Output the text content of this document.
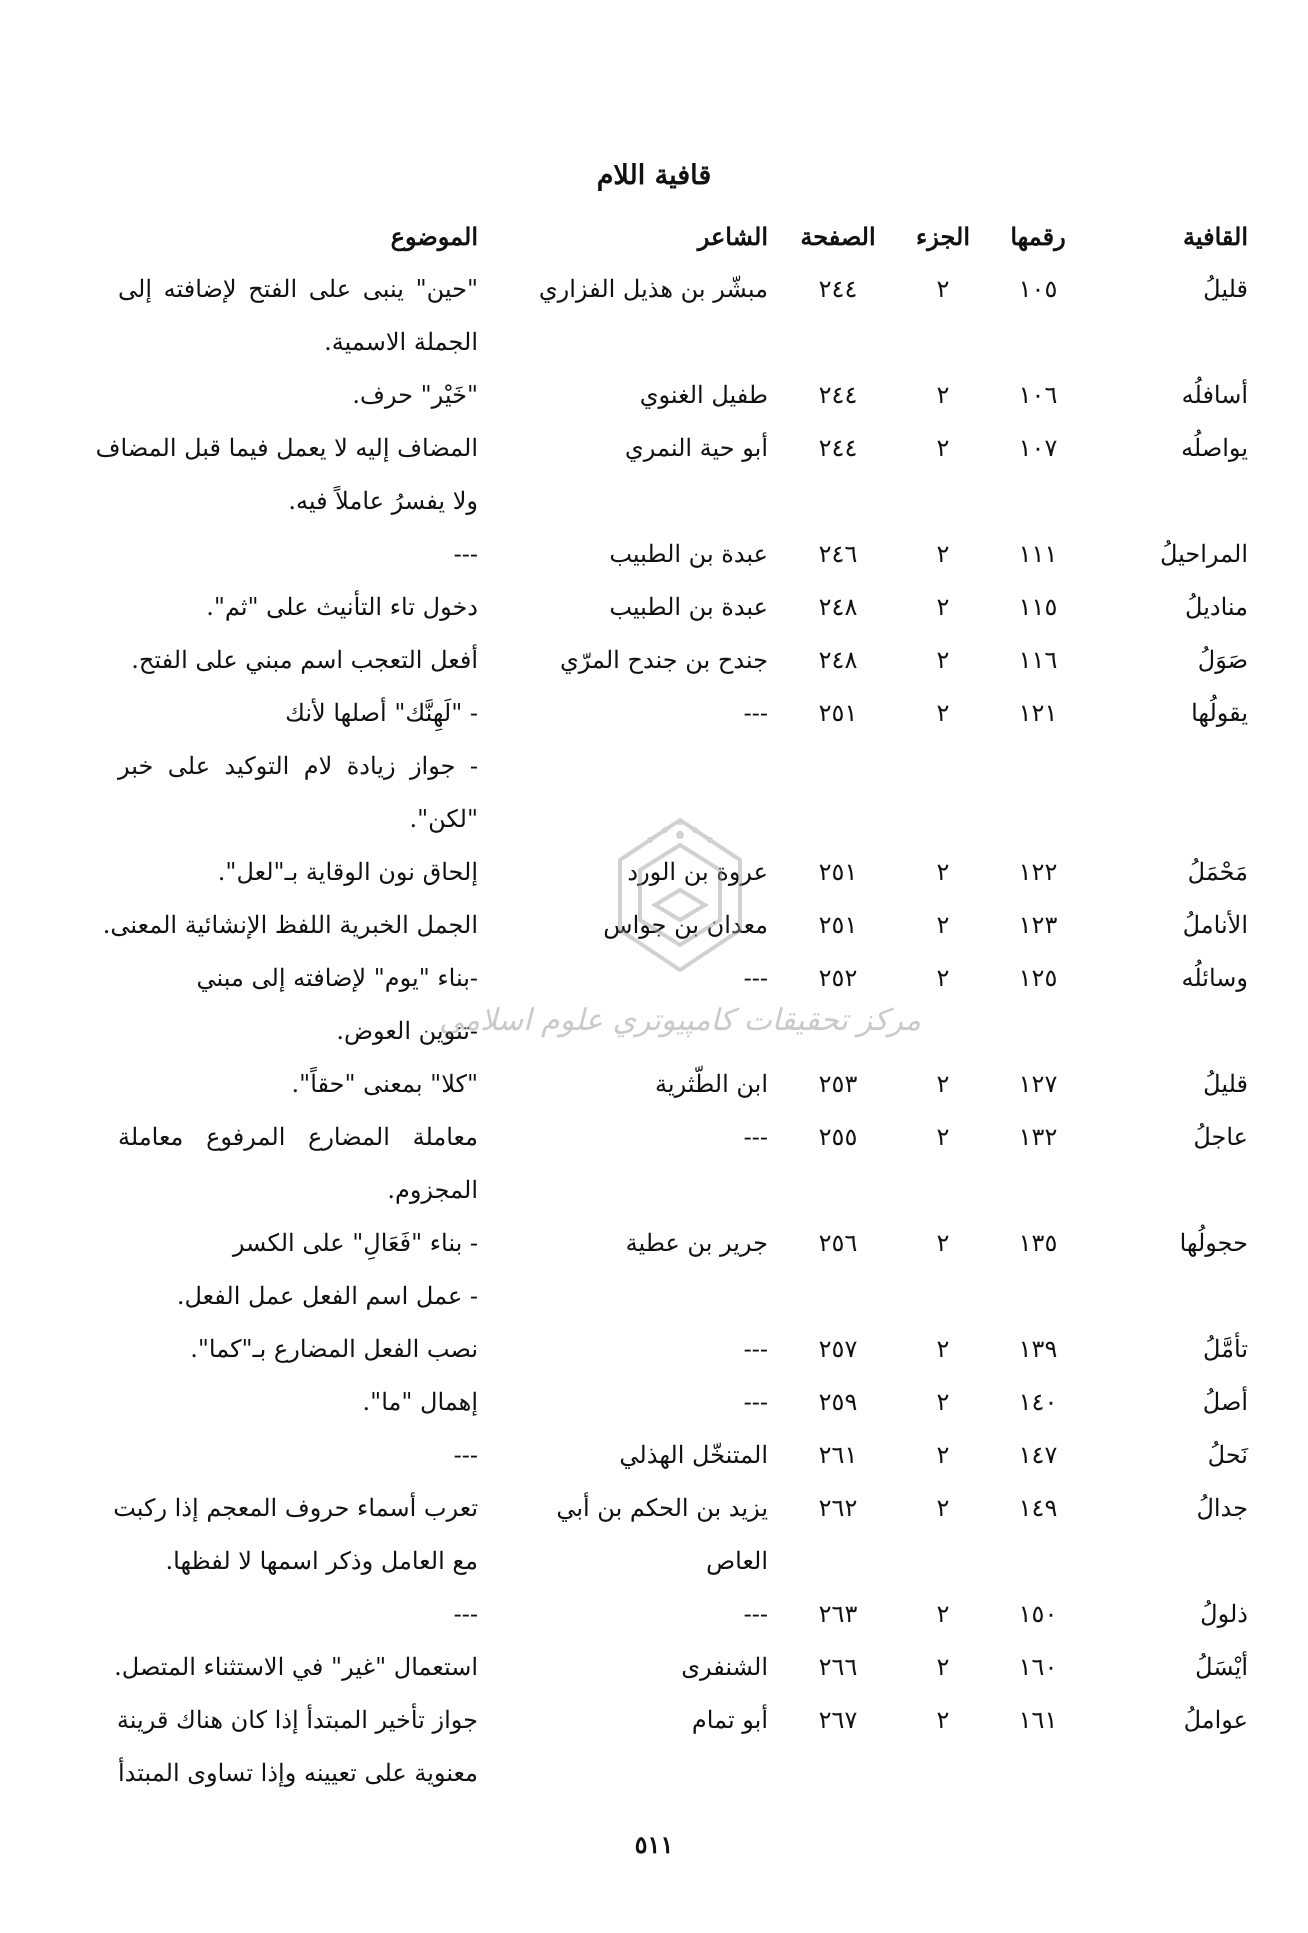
قافية اللام
القافية
رقمها
الجزء
الصفحة
الشاعر
الموضوع
قليلُ
١٠٥
٢
٢٤٤
مبشّر بن هذيل الفزاري
"حين" ينبى على الفتح لإضافته إلى
الجملة الاسمية.
أسافلُه
١٠٦
٢
٢٤٤
طفيل الغنوي
"خَيْر" حرف.
يواصلُه
١٠٧
٢
٢٤٤
أبو حية النمري
المضاف إليه لا يعمل فيما قبل المضاف
ولا يفسرُ عاملاً فيه.
المراحيلُ
١١١
٢
٢٤٦
عبدة بن الطبيب
---
مناديلُ
١١٥
٢
٢٤٨
عبدة بن الطبيب
دخول تاء التأنيث على "ثم".
صَوَلُ
١١٦
٢
٢٤٨
جندح بن جندح المرّي
أفعل التعجب اسم مبني على الفتح.
يقولُها
١٢١
٢
٢٥١
---
- "لَهِنَّك" أصلها لأنك
- جواز زيادة لام التوكيد على خبر
"لكن".
مَحْمَلُ
١٢٢
٢
٢٥١
عروة بن الورد
إلحاق نون الوقاية بـ"لعل".
الأناملُ
١٢٣
٢
٢٥١
معدان بن جواس
الجمل الخبرية اللفظ الإنشائية المعنى.
وسائلُه
١٢٥
٢
٢٥٢
---
-بناء "يوم" لإضافته إلى مبني
-تنوين العوض.
قليلُ
١٢٧
٢
٢٥٣
ابن الطّثرية
"كلا" بمعنى "حقاً".
عاجلُ
١٣٢
٢
٢٥٥
---
معاملة المضارع المرفوع معاملة
المجزوم.
حجولُها
١٣٥
٢
٢٥٦
جرير بن عطية
- بناء "فَعَالِ" على الكسر
- عمل اسم الفعل عمل الفعل.
تأمَّلُ
١٣٩
٢
٢٥٧
---
نصب الفعل المضارع بـ"كما".
أصلُ
١٤٠
٢
٢٥٩
---
إهمال "ما".
نَحلُ
١٤٧
٢
٢٦١
المتنخّل الهذلي
---
جدالُ
١٤٩
٢
٢٦٢
يزيد بن الحكم بن أبي
تعرب أسماء حروف المعجم إذا ركبت
العاص
مع العامل وذكر اسمها لا لفظها.
ذلولُ
١٥٠
٢
٢٦٣
---
---
أيْسَلُ
١٦٠
٢
٢٦٦
الشنفرى
استعمال "غير" في الاستثناء المتصل.
عواملُ
١٦١
٢
٢٦٧
أبو تمام
جواز تأخير المبتدأ إذا كان هناك قرينة
معنوية على تعيينه وإذا تساوى المبتدأ
مركز تحقيقات كامپيوتري علوم اسلامي
٥١١
